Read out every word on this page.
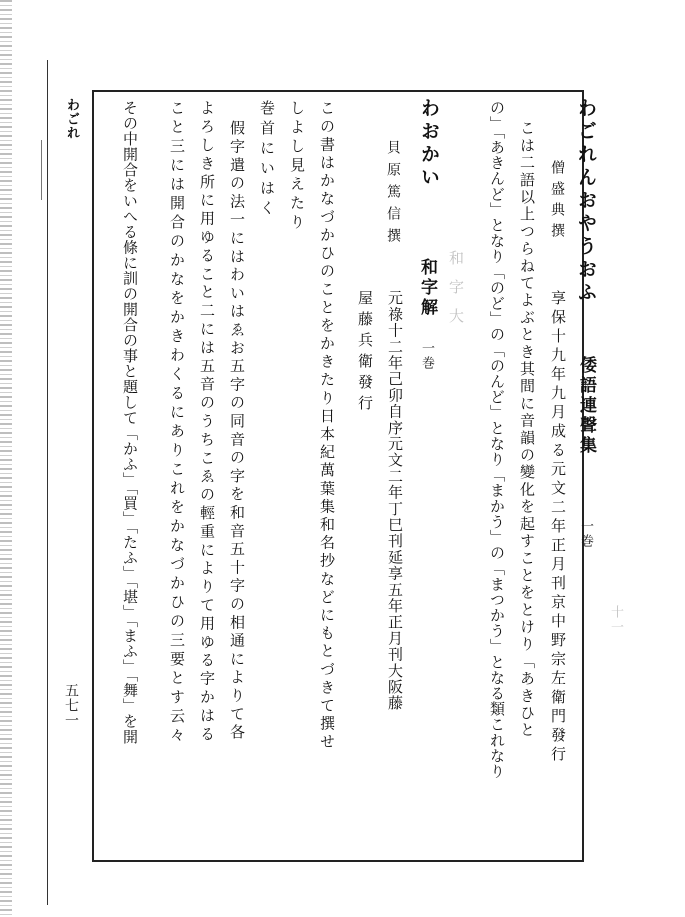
わごれ
五七一
和字大
十一
わごれんおやうおふ
倭語連聲集
一巻
僧盛典撰
享保十九年九月成る元文二年正月刊京中野宗左衛門發行
こは二語以上つらねてよぶとき其間に音韻の變化を起すことをとけり「あきひと
の」「あきんど」となり「のど」の「のんど」となり「まかう」の「まつかう」となる類これなり
わおかい
和字解
一巻
貝原篤信撰
元祿十二年己卯自序元文二年丁巳刊延享五年正月刊大阪藤
屋藤兵衛發行
この書はかなづかひのことをかきたり日本紀萬葉集和名抄などにもとづきて撰せ
しよし見えたり
巻首にいはく
假字遣の法一にはわいはゑお五字の同音の字を和音五十字の相通によりて各
よろしき所に用ゆること二には五音のうちこゑの輕重によりて用ゆる字かはる
こと三には開合のかなをかきわくるにありこれをかなづかひの三要とす云々
その中開合をいへる條に訓の開合の事と題して「かふ」「買」「たふ」「堪」「まふ」「舞」を開
